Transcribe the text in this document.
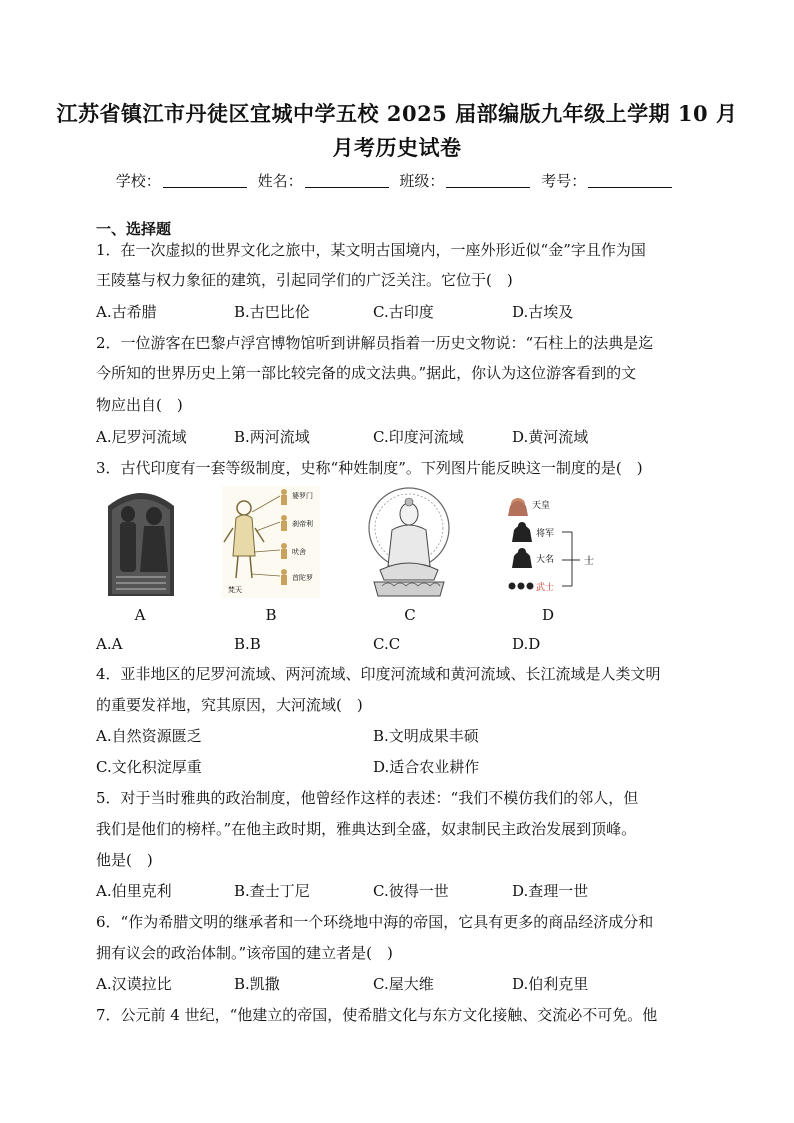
江苏省镇江市丹徒区宜城中学五校 2025 届部编版九年级上学期 10 月
月考历史试卷
学校：	姓名：	班级：	考号：
一、选择题
1．在一次虚拟的世界文化之旅中，某文明古国境内，一座外形近似“金”字且作为国
王陵墓与权力象征的建筑，引起同学们的广泛关注。它位于(　)
A.古希腊	B.古巴比伦	C.古印度	D.古埃及
2．一位游客在巴黎卢浮宫博物馆听到讲解员指着一历史文物说：“石柱上的法典是迄
今所知的世界历史上第一部比较完备的成文法典。”据此，你认为这位游客看到的文
物应出自(　)
A.尼罗河流域	B.两河流域	C.印度河流域	D.黄河流域
3．古代印度有一套等级制度，史称“种姓制度”。下列图片能反映这一制度的是(　)
婆罗门
刹帝利
吠舍
首陀罗
梵天
天皇
将军
大名
武士
士
A	B	C	D
A.A	B.B	C.C	D.D
4．亚非地区的尼罗河流域、两河流域、印度河流域和黄河流域、长江流域是人类文明
的重要发祥地，究其原因，大河流域(　)
A.自然资源匮乏	B.文明成果丰硕
C.文化积淀厚重	D.适合农业耕作
5．对于当时雅典的政治制度，他曾经作这样的表述：“我们不模仿我们的邻人，但
我们是他们的榜样。”在他主政时期，雅典达到全盛，奴隶制民主政治发展到顶峰。
他是(　)
A.伯里克利	B.查士丁尼	C.彼得一世	D.查理一世
6．“作为希腊文明的继承者和一个环绕地中海的帝国，它具有更多的商品经济成分和
拥有议会的政治体制。”该帝国的建立者是(　)
A.汉谟拉比	B.凯撒	C.屋大维	D.伯利克里
7．公元前 4 世纪，“他建立的帝国，使希腊文化与东方文化接触、交流必不可免。他
